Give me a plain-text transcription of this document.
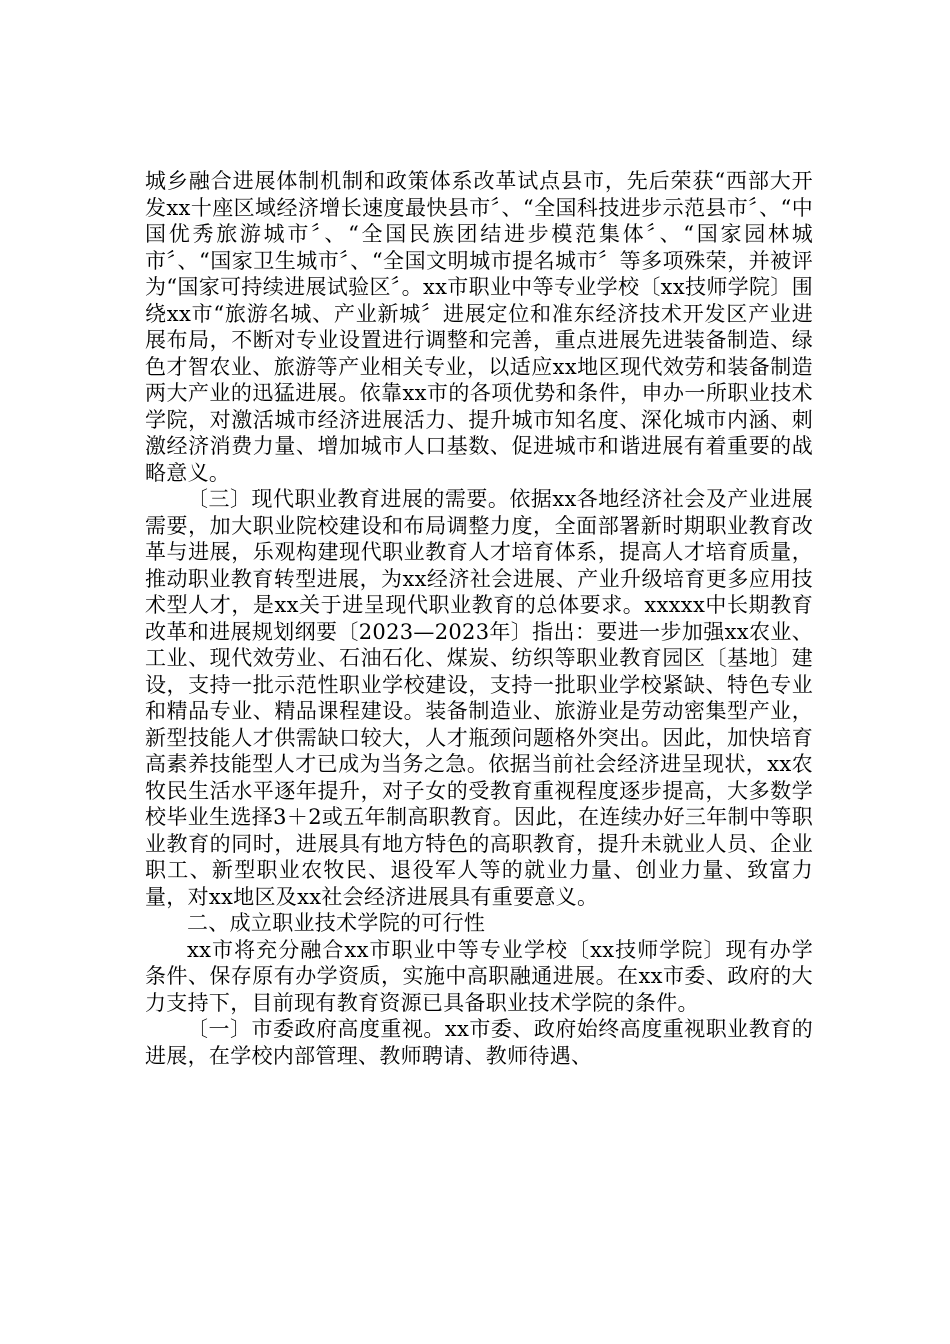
城乡融合进展体制机制和政策体系改革试点县市，先后荣获“西部大开发xx十座区域经济增长速度最快县市〞、“全国科技进步示范县市〞、“中国优秀旅游城市〞、“全国民族团结进步模范集体〞、“国家园林城市〞、“国家卫生城市〞、“全国文明城市提名城市〞等多项殊荣，并被评为“国家可持续进展试验区〞。xx市职业中等专业学校〔xx技师学院〕围绕xx市“旅游名城、产业新城〞进展定位和准东经济技术开发区产业进展布局，不断对专业设置进行调整和完善，重点进展先进装备制造、绿色才智农业、旅游等产业相关专业，以适应xx地区现代效劳和装备制造两大产业的迅猛进展。依靠xx市的各项优势和条件，申办一所职业技术学院，对激活城市经济进展活力、提升城市知名度、深化城市内涵、刺激经济消费力量、增加城市人口基数、促进城市和谐进展有着重要的战略意义。

〔三〕现代职业教育进展的需要。依据xx各地经济社会及产业进展需要，加大职业院校建设和布局调整力度，全面部署新时期职业教育改革与进展，乐观构建现代职业教育人才培育体系，提高人才培育质量，推动职业教育转型进展，为xx经济社会进展、产业升级培育更多应用技术型人才，是xx关于进呈现代职业教育的总体要求。xxxxx中长期教育改革和进展规划纲要〔2023—2023年〕指出：要进一步加强xx农业、工业、现代效劳业、石油石化、煤炭、纺织等职业教育园区〔基地〕建设，支持一批示范性职业学校建设，支持一批职业学校紧缺、特色专业和精品专业、精品课程建设。装备制造业、旅游业是劳动密集型产业，新型技能人才供需缺口较大，人才瓶颈问题格外突出。因此，加快培育高素养技能型人才已成为当务之急。依据当前社会经济进呈现状，xx农牧民生活水平逐年提升，对子女的受教育重视程度逐步提高，大多数学校毕业生选择3＋2或五年制高职教育。因此，在连续办好三年制中等职业教育的同时，进展具有地方特色的高职教育，提升未就业人员、企业职工、新型职业农牧民、退役军人等的就业力量、创业力量、致富力量，对xx地区及xx社会经济进展具有重要意义。

二、成立职业技术学院的可行性

xx市将充分融合xx市职业中等专业学校〔xx技师学院〕现有办学条件、保存原有办学资质，实施中高职融通进展。在xx市委、政府的大力支持下，目前现有教育资源已具备职业技术学院的条件。

〔一〕市委政府高度重视。xx市委、政府始终高度重视职业教育的进展，在学校内部管理、教师聘请、教师待遇、
